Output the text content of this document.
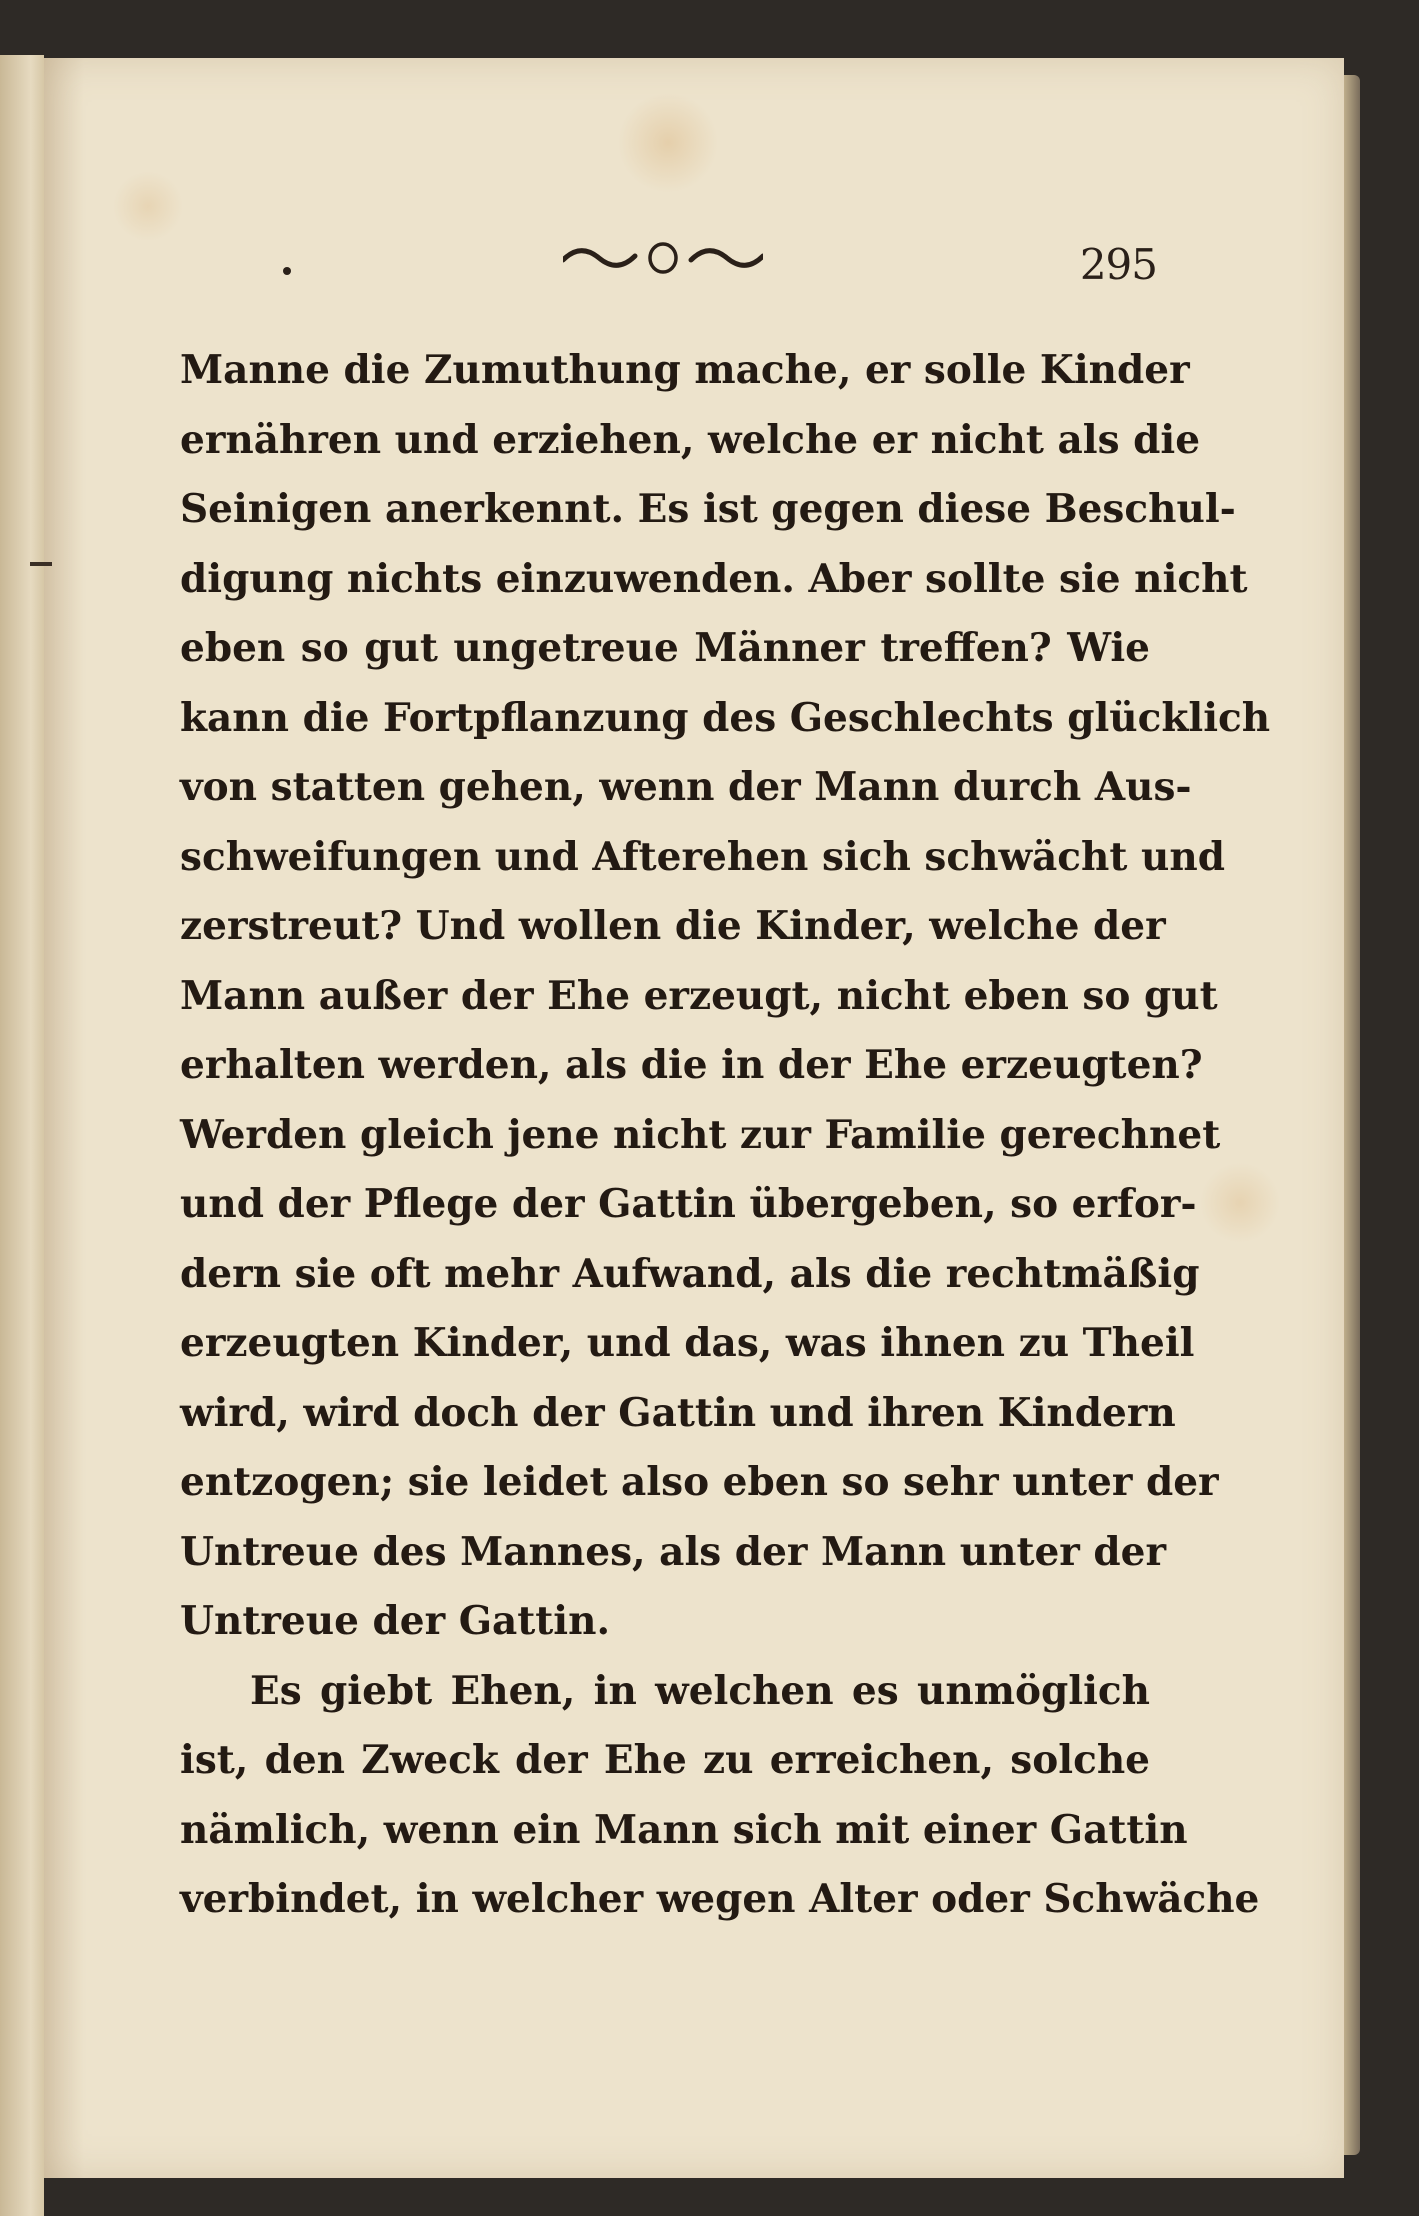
295
Manne die Zumuthung mache, er solle Kinder
ernähren und erziehen, welche er nicht als die
Seinigen anerkennt. Es ist gegen diese Beschul-
digung nichts einzuwenden. Aber sollte sie nicht
eben so gut ungetreue Männer treffen? Wie
kann die Fortpflanzung des Geschlechts glücklich
von statten gehen, wenn der Mann durch Aus-
schweifungen und Afterehen sich schwächt und
zerstreut? Und wollen die Kinder, welche der
Mann außer der Ehe erzeugt, nicht eben so gut
erhalten werden, als die in der Ehe erzeugten?
Werden gleich jene nicht zur Familie gerechnet
und der Pflege der Gattin übergeben, so erfor-
dern sie oft mehr Aufwand, als die rechtmäßig
erzeugten Kinder, und das, was ihnen zu Theil
wird, wird doch der Gattin und ihren Kindern
entzogen; sie leidet also eben so sehr unter der
Untreue des Mannes, als der Mann unter der
Untreue der Gattin.
Es giebt Ehen, in welchen es unmöglich
ist, den Zweck der Ehe zu erreichen, solche
nämlich, wenn ein Mann sich mit einer Gattin
verbindet, in welcher wegen Alter oder Schwäche
